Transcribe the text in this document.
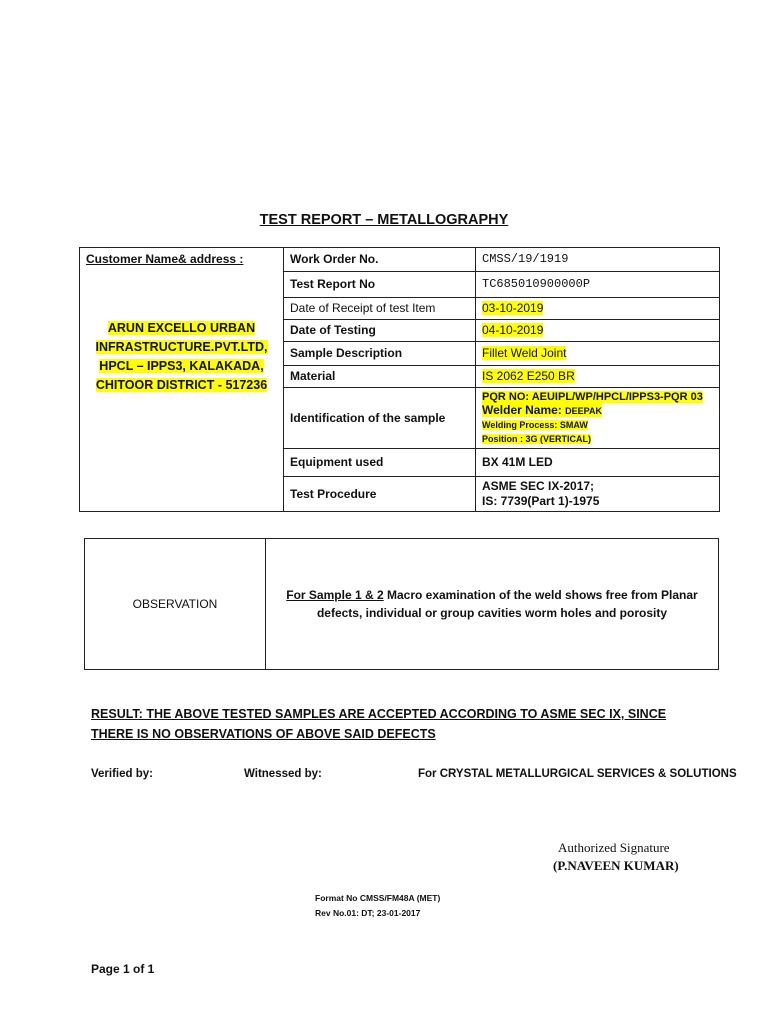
TEST REPORT – METALLOGRAPHY
Customer Name& address :
ARUN EXCELLO URBAN
INFRASTRUCTURE.PVT.LTD,
HPCL – IPPS3, KALAKADA,
CHITOOR DISTRICT - 517236	Work Order No.	CMSS/19/1919
	Test Report No	TC685010900000P
	Date of Receipt of test Item	03-10-2019
	Date of Testing	04-10-2019
	Sample Description	Fillet Weld Joint
	Material	IS 2062 E250 BR
	Identification of the sample	PQR NO: AEUIPL/WP/HPCL/IPPS3-PQR 03
Welder Name: DEEPAK
Welding Process: SMAW
Position : 3G (VERTICAL)
	Equipment used	BX 41M LED
	Test Procedure	ASME SEC IX-2017;
IS: 7739(Part 1)-1975
OBSERVATION	
For Sample 1 & 2 Macro examination of the weld shows free from Planar defects, individual or group cavities worm holes and porosity
RESULT: THE ABOVE TESTED SAMPLES ARE ACCEPTED ACCORDING TO ASME SEC IX, SINCE THERE IS NO OBSERVATIONS OF ABOVE SAID DEFECTS
Verified by:	Witnessed by:	For CRYSTAL METALLURGICAL SERVICES & SOLUTIONS
Authorized Signature
(P.NAVEEN KUMAR)
Format No CMSS/FM48A (MET)
Rev No.01: DT; 23-01-2017
Page 1 of 1
